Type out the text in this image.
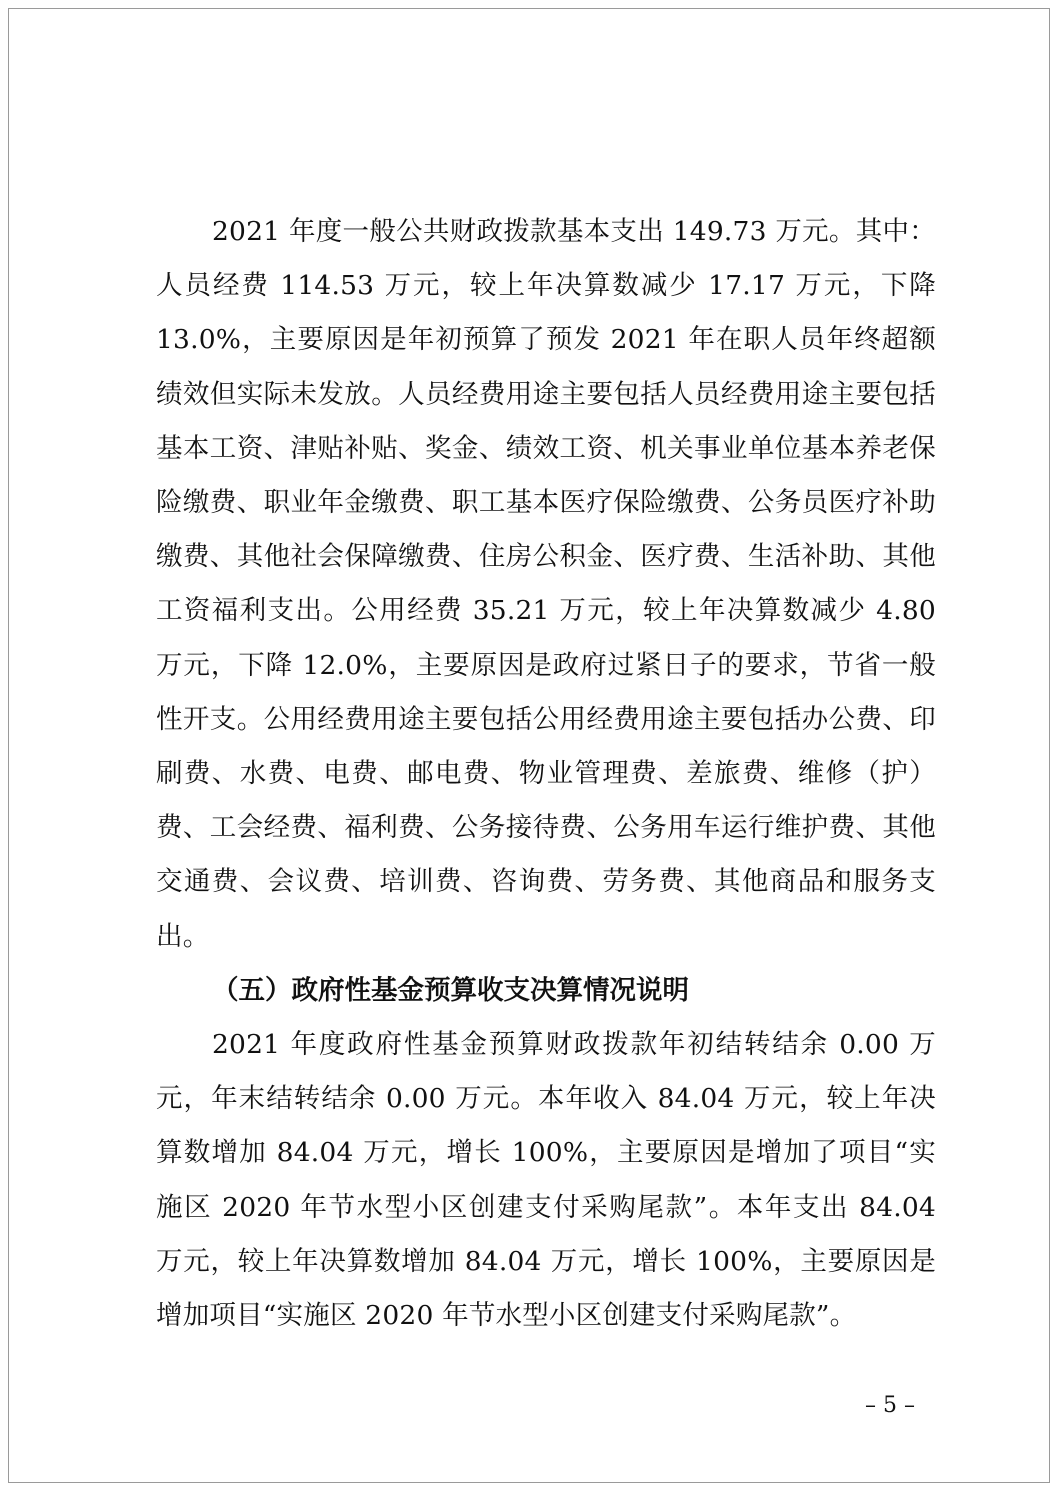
2021 年度一般公共财政拨款基本支出 149.73 万元。其中：人员经费 114.53 万元，较上年决算数减少 17.17 万元，下降13.0%，主要原因是年初预算了预发 2021 年在职人员年终超额绩效但实际未发放。人员经费用途主要包括人员经费用途主要包括基本工资、津贴补贴、奖金、绩效工资、机关事业单位基本养老保险缴费、职业年金缴费、职工基本医疗保险缴费、公务员医疗补助缴费、其他社会保障缴费、住房公积金、医疗费、生活补助、其他工资福利支出。公用经费 35.21 万元，较上年决算数减少 4.80 万元，下降 12.0%，主要原因是政府过紧日子的要求，节省一般性开支。公用经费用途主要包括公用经费用途主要包括办公费、印刷费、水费、电费、邮电费、物业管理费、差旅费、维修（护）费、工会经费、福利费、公务接待费、公务用车运行维护费、其他交通费、会议费、培训费、咨询费、劳务费、其他商品和服务支出。

（五）政府性基金预算收支决算情况说明

2021 年度政府性基金预算财政拨款年初结转结余 0.00 万元，年末结转结余 0.00 万元。本年收入 84.04 万元，较上年决算数增加 84.04 万元，增长 100%，主要原因是增加了项目“实施区 2020 年节水型小区创建支付采购尾款”。本年支出 84.04 万元，较上年决算数增加 84.04 万元，增长 100%，主要原因是增加项目“实施区 2020 年节水型小区创建支付采购尾款”。

– 5 –
